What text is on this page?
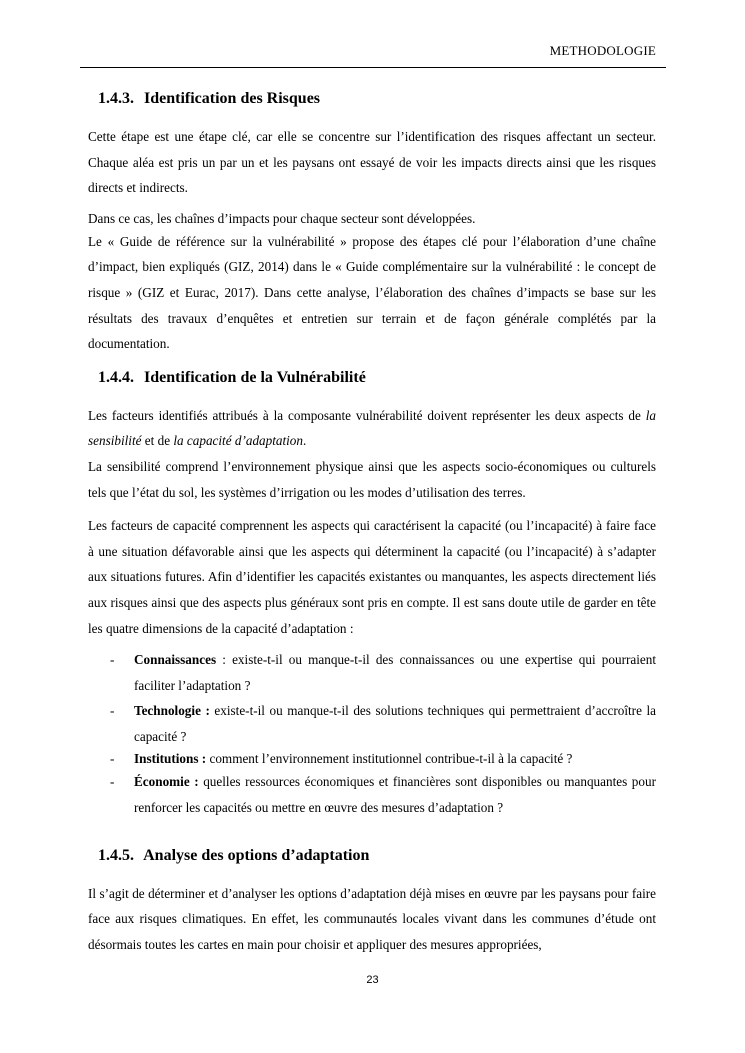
METHODOLOGIE
1.4.3. Identification des Risques

Cette étape est une étape clé, car elle se concentre sur l’identification des risques affectant un secteur. Chaque aléa est pris un par un et les paysans ont essayé de voir les impacts directs ainsi que les risques directs et indirects.

Dans ce cas, les chaînes d’impacts pour chaque secteur sont développées.

Le « Guide de référence sur la vulnérabilité » propose des étapes clé pour l’élaboration d’une chaîne d’impact, bien expliqués (GIZ, 2014) dans le « Guide complémentaire sur la vulnérabilité : le concept de risque » (GIZ et Eurac, 2017). Dans cette analyse, l’élaboration des chaînes d’impacts se base sur les résultats des travaux d’enquêtes et entretien sur terrain et de façon générale complétés par la documentation.

1.4.4. Identification de la Vulnérabilité

Les facteurs identifiés attribués à la composante vulnérabilité doivent représenter les deux aspects de la sensibilité et de la capacité d’adaptation.

La sensibilité comprend l’environnement physique ainsi que les aspects socio-économiques ou culturels tels que l’état du sol, les systèmes d’irrigation ou les modes d’utilisation des terres.

Les facteurs de capacité comprennent les aspects qui caractérisent la capacité (ou l’incapacité) à faire face à une situation défavorable ainsi que les aspects qui déterminent la capacité (ou l’incapacité) à s’adapter aux situations futures. Afin d’identifier les capacités existantes ou manquantes, les aspects directement liés aux risques ainsi que des aspects plus généraux sont pris en compte. Il est sans doute utile de garder en tête les quatre dimensions de la capacité d’adaptation :

- Connaissances : existe-t-il ou manque-t-il des connaissances ou une expertise qui pourraient faciliter l’adaptation ?
- Technologie : existe-t-il ou manque-t-il des solutions techniques qui permettraient d’accroître la capacité ?
- Institutions : comment l’environnement institutionnel contribue-t-il à la capacité ?
- Économie : quelles ressources économiques et financières sont disponibles ou manquantes pour renforcer les capacités ou mettre en œuvre des mesures d’adaptation ?
1.4.5. Analyse des options d’adaptation

Il s’agit de déterminer et d’analyser les options d’adaptation déjà mises en œuvre par les paysans pour faire face aux risques climatiques. En effet, les communautés locales vivant dans les communes d’étude ont désormais toutes les cartes en main pour choisir et appliquer des mesures appropriées,

23
